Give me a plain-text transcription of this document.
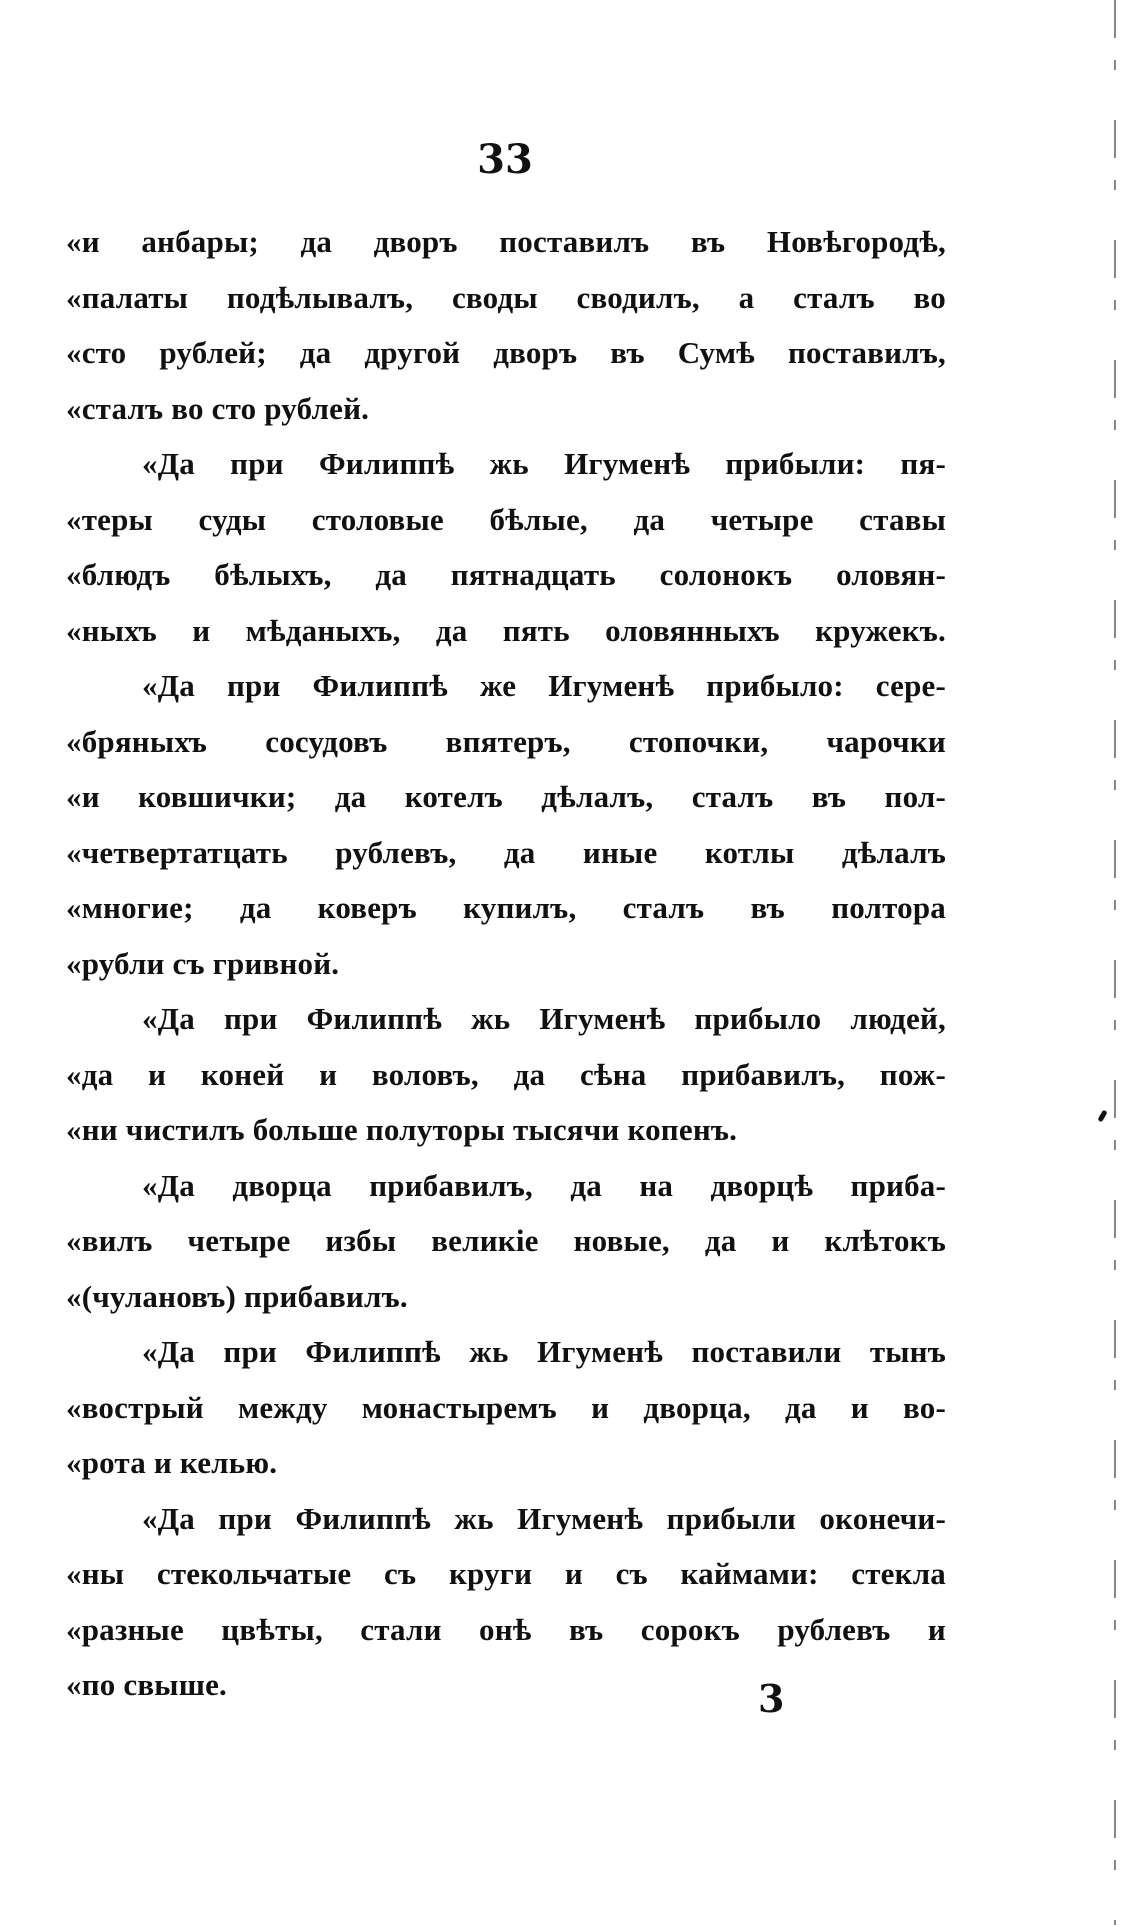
33
«и анбары; да дворъ поставилъ въ Новѣгородѣ,
«палаты подѣлывалъ, своды сводилъ, а сталъ во
«сто рублей; да другой дворъ въ Сумѣ поставилъ,
«сталъ во сто рублей.
«Да при Филиппѣ жь Игуменѣ прибыли: пя-
«теры суды столовые бѣлые, да четыре ставы
«блюдъ бѣлыхъ, да пятнадцать солонокъ оловян-
«ныхъ и мѣданыхъ, да пять оловянныхъ кружекъ.
«Да при Филиппѣ же Игуменѣ прибыло: сере-
«бряныхъ сосудовъ впятеръ, стопочки, чарочки
«и ковшички; да котелъ дѣлалъ, сталъ въ пол-
«четвертатцать рублевъ, да иные котлы дѣлалъ
«многие; да коверъ купилъ, сталъ въ полтора
«рубли съ гривной.
«Да при Филиппѣ жь Игуменѣ прибыло людей,
«да и коней и воловъ, да сѣна прибавилъ, пож-
«ни чистилъ больше полуторы тысячи копенъ.
«Да дворца прибавилъ, да на дворцѣ приба-
«вилъ четыре избы великіе новые, да и клѣтокъ
«(чулановъ) прибавилъ.
«Да при Филиппѣ жь Игуменѣ поставили тынъ
«вострый между монастыремъ и дворца, да и во-
«рота и келью.
«Да при Филиппѣ жь Игуменѣ прибыли оконечи-
«ны стекольчатые съ круги и съ каймами: стекла
«разные цвѣты, стали онѣ въ сорокъ рублевъ и
«по свыше.	3
